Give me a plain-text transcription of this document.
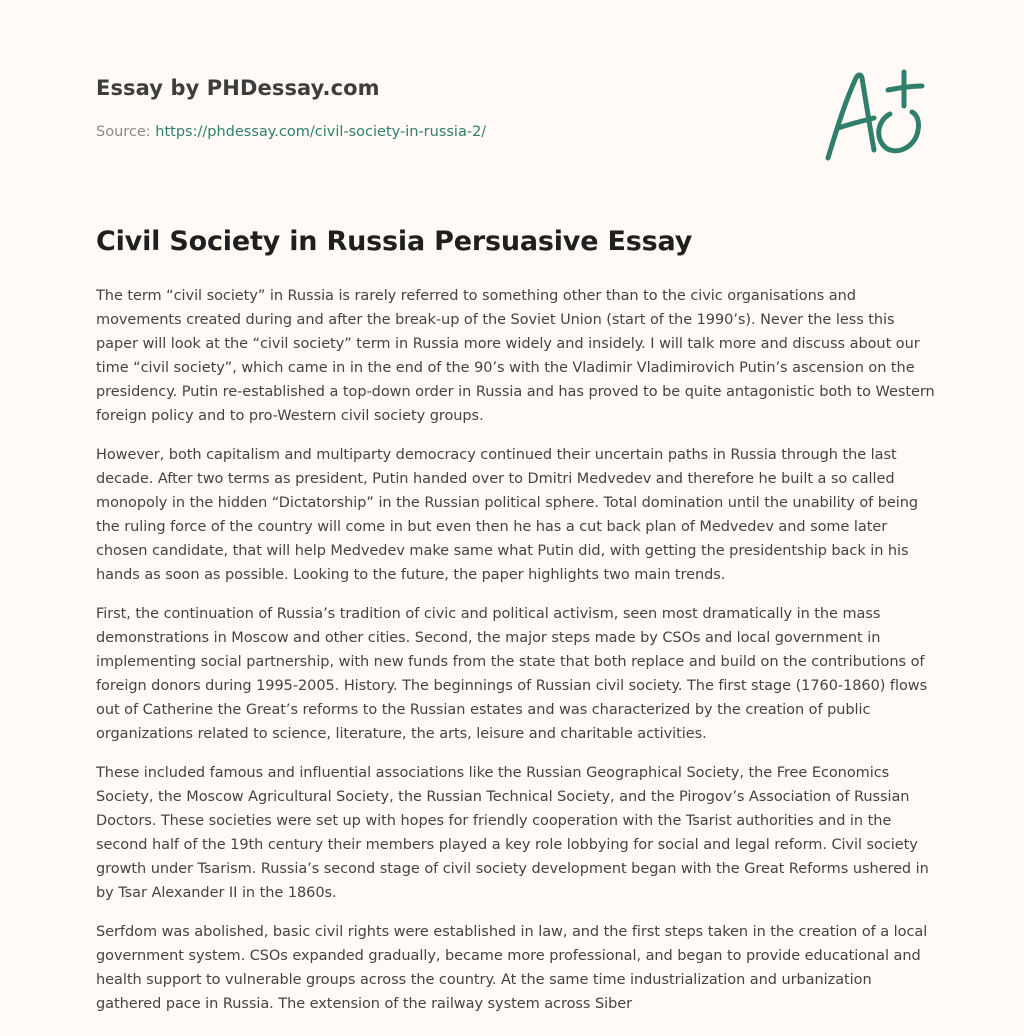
Essay by PHDessay.com
Source: https://phdessay.com/civil-society-in-russia-2/
Civil Society in Russia Persuasive Essay

The term “civil society” in Russia is rarely referred to something other than to the civic organisations and movements created during and after the break-up of the Soviet Union (start of the 1990’s). Never the less this paper will look at the “civil society” term in Russia more widely and insidely. I will talk more and discuss about our time “civil society”, which came in in the end of the 90’s with the Vladimir Vladimirovich Putin’s ascension on the presidency. Putin re-established a top-down order in Russia and has proved to be quite antagonistic both to Western foreign policy and to pro-Western civil society groups.

However, both capitalism and multiparty democracy continued their uncertain paths in Russia through the last decade. After two terms as president, Putin handed over to Dmitri Medvedev and therefore he built a so called monopoly in the hidden “Dictatorship” in the Russian political sphere. Total domination until the unability of being the ruling force of the country will come in but even then he has a cut back plan of Medvedev and some later chosen candidate, that will help Medvedev make same what Putin did, with getting the presidentship back in his hands as soon as possible. Looking to the future, the paper highlights two main trends.

First, the continuation of Russia’s tradition of civic and political activism, seen most dramatically in the mass demonstrations in Moscow and other cities. Second, the major steps made by CSOs and local government in implementing social partnership, with new funds from the state that both replace and build on the contributions of foreign donors during 1995-2005. History. The beginnings of Russian civil society. The first stage (1760-1860) flows out of Catherine the Great’s reforms to the Russian estates and was characterized by the creation of public organizations related to science, literature, the arts, leisure and charitable activities.

These included famous and influential associations like the Russian Geographical Society, the Free Economics Society, the Moscow Agricultural Society, the Russian Technical Society, and the Pirogov’s Association of Russian Doctors. These societies were set up with hopes for friendly cooperation with the Tsarist authorities and in the second half of the 19th century their members played a key role lobbying for social and legal reform. Civil society growth under Tsarism. Russia’s second stage of civil society development began with the Great Reforms ushered in by Tsar Alexander II in the 1860s.

Serfdom was abolished, basic civil rights were established in law, and the first steps taken in the creation of a local government system. CSOs expanded gradually, became more professional, and began to provide educational and health support to vulnerable groups across the country. At the same time industrialization and urbanization gathered pace in Russia. The extension of the railway system across Siber
